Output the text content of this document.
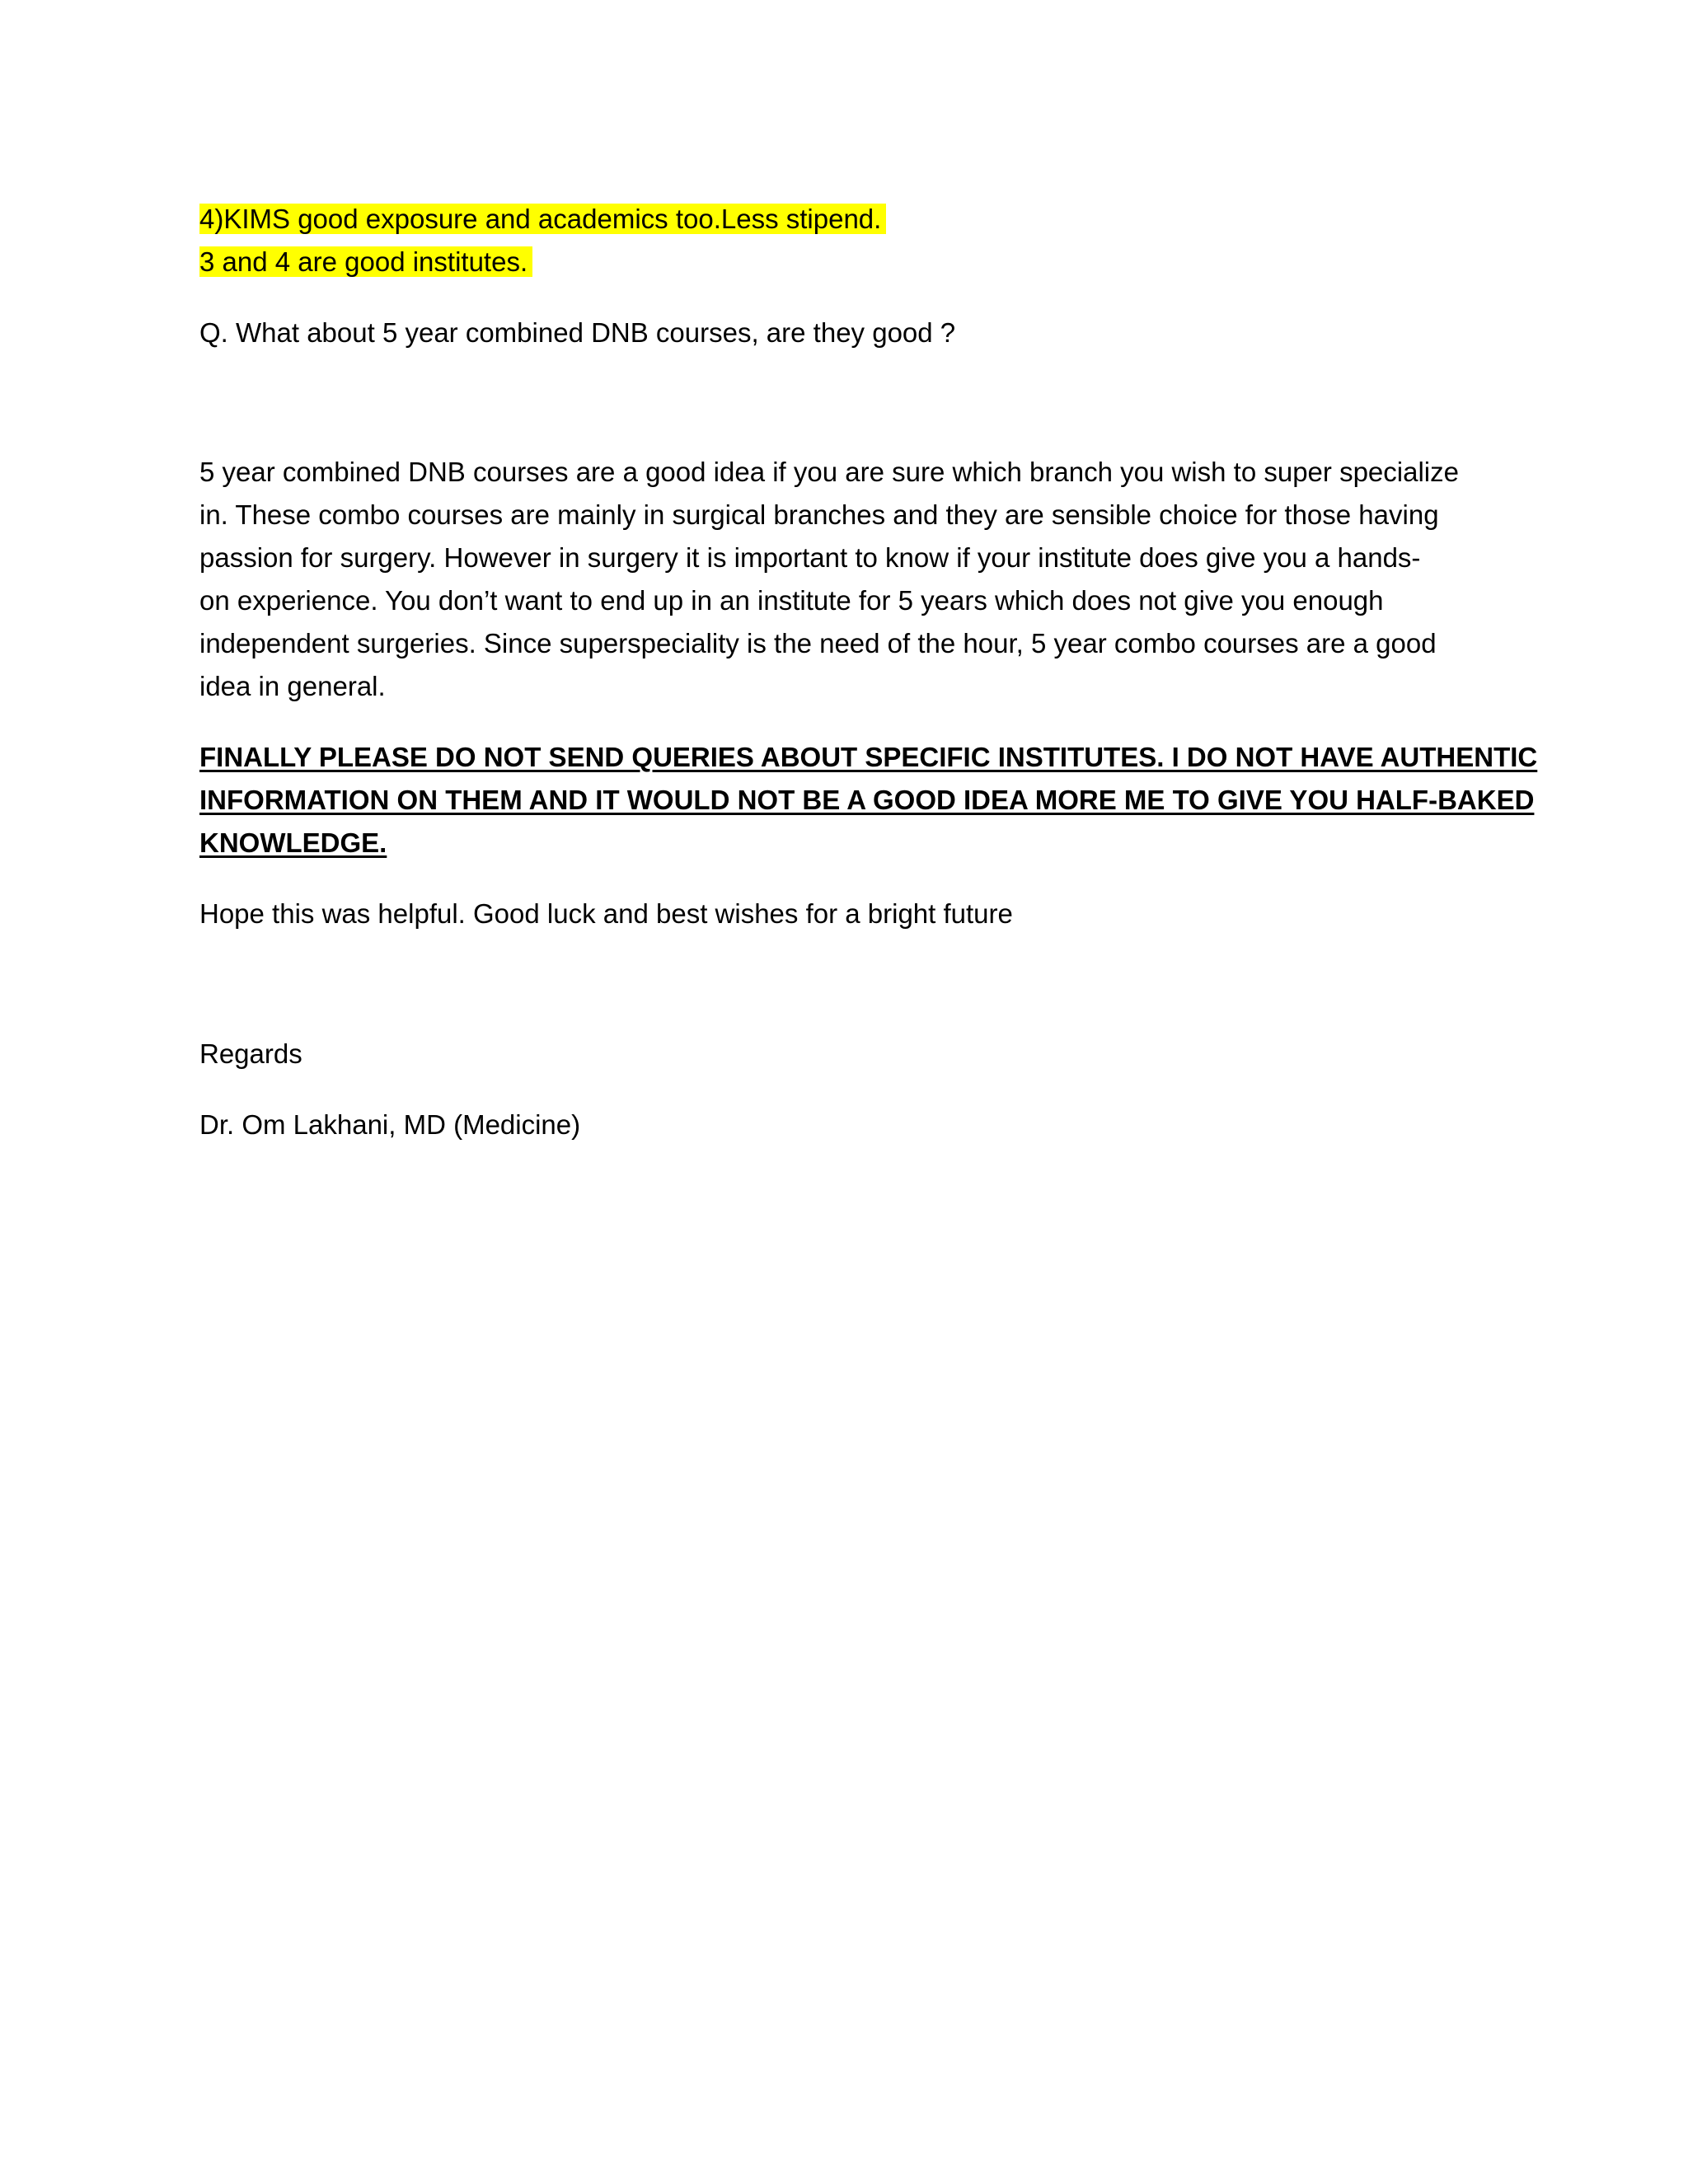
4)KIMS good exposure and academics too.Less stipend.
3 and 4 are good institutes.
Q. What about 5 year combined DNB courses, are they good ?
5 year combined DNB courses are a good idea if you are sure which branch you wish to super specialize
in. These combo courses are mainly in surgical branches and they are sensible choice for those having
passion for surgery. However in surgery it is important to know if your institute does give you a hands-
on experience. You don’t want to end up in an institute for 5 years which does not give you enough
independent surgeries. Since superspeciality is the need of the hour, 5 year combo courses are a good
idea in general.
FINALLY PLEASE DO NOT SEND QUERIES ABOUT SPECIFIC INSTITUTES. I DO NOT HAVE AUTHENTIC
INFORMATION ON THEM AND IT WOULD NOT BE A GOOD IDEA MORE ME TO GIVE YOU HALF-BAKED
KNOWLEDGE.
Hope this was helpful. Good luck and best wishes for a bright future
Regards
Dr. Om Lakhani, MD (Medicine)
